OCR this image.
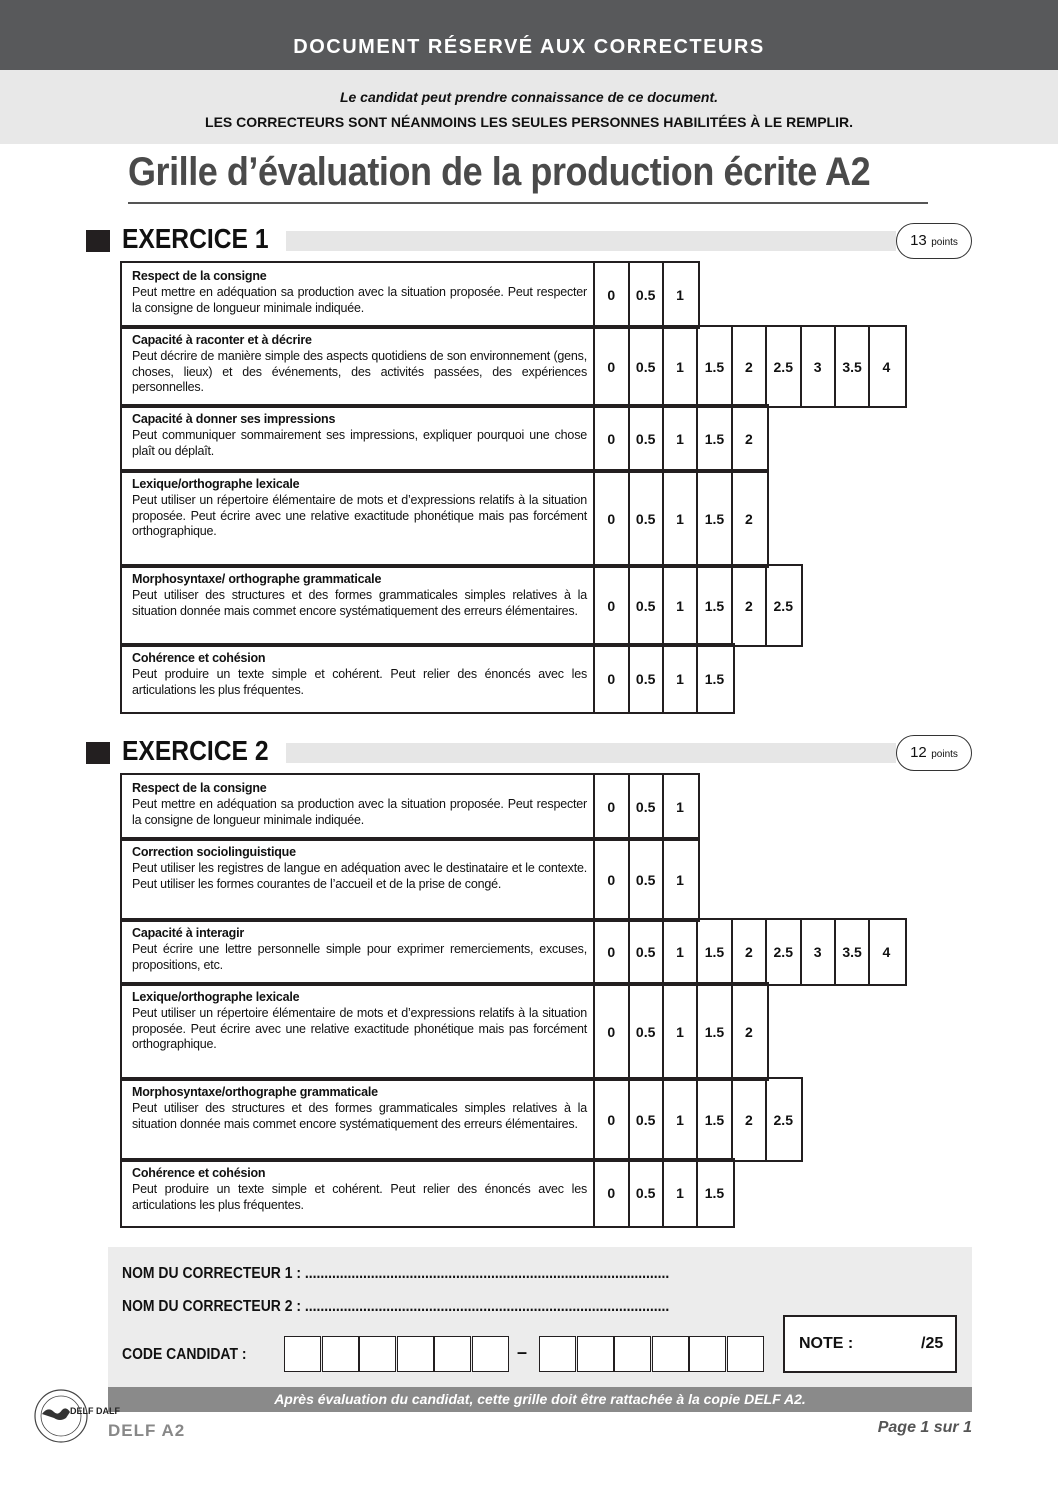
DOCUMENT RÉSERVÉ AUX CORRECTEURS
Le candidat peut prendre connaissance de ce document.
LES CORRECTEURS SONT NÉANMOINS LES SEULES PERSONNES HABILITÉES À LE REMPLIR.
Grille d’évaluation de la production écrite A2
EXERCICE 1	13 points
EXERCICE 2	12 points
Respect de la consigne
Peut mettre en adéquation sa production avec la situation proposée. Peut respecter la consigne de longueur minimale indiquée.
0	0.5	1
Capacité à raconter et à décrire
Peut décrire de manière simple des aspects quotidiens de son environnement (gens, choses, lieux) et des événements, des activités passées, des expériences personnelles.
0	0.5	1	1.5	2	2.5	3	3.5	4
Capacité à donner ses impressions
Peut communiquer sommairement ses impressions, expliquer pourquoi une chose plaît ou déplaît.
0	0.5	1	1.5	2
Lexique/orthographe lexicale
Peut utiliser un répertoire élémentaire de mots et d’expressions relatifs à la situation proposée. Peut écrire avec une relative exactitude phonétique mais pas forcément orthographique.
0	0.5	1	1.5	2
Morphosyntaxe/ orthographe grammaticale
Peut utiliser des structures et des formes grammaticales simples relatives à la situation donnée mais commet encore systématiquement des erreurs élémentaires.	0	0.5	1	1.5	2	2.5
Cohérence et cohésion
Peut produire un texte simple et cohérent. Peut relier des énoncés avec les articulations les plus fréquentes.
0	0.5	1	1.5
Respect de la consigne
Peut mettre en adéquation sa production avec la situation proposée. Peut respecter la consigne de longueur minimale indiquée.
0	0.5	1
Correction sociolinguistique
Peut utiliser les registres de langue en adéquation avec le destinataire et le contexte. Peut utiliser les formes courantes de l’accueil et de la prise de congé.	0	0.5	1
Capacité à interagir
Peut écrire une lettre personnelle simple pour exprimer remerciements, excuses, propositions, etc.
0	0.5	1	1.5	2	2.5	3	3.5	4
Lexique/orthographe lexicale
Peut utiliser un répertoire élémentaire de mots et d’expressions relatifs à la situation proposée. Peut écrire avec une relative exactitude phonétique mais pas forcément orthographique.
0	0.5	1	1.5	2
Morphosyntaxe/orthographe grammaticale
Peut utiliser des structures et des formes grammaticales simples relatives à la situation donnée mais commet encore systématiquement des erreurs élémentaires.	0	0.5	1	1.5	2	2.5
Cohérence et cohésion
Peut produire un texte simple et cohérent. Peut relier des énoncés avec les articulations les plus fréquentes.
0	0.5	1	1.5
NOM DU CORRECTEUR 1 : ..............................................................................................
NOM DU CORRECTEUR 2 : ..............................................................................................
CODE CANDIDAT :	–	NOTE :	/25
Après évaluation du candidat, cette grille doit être rattachée à la copie DELF A2.
DELF DALF
DELF A2	Page 1 sur 1
